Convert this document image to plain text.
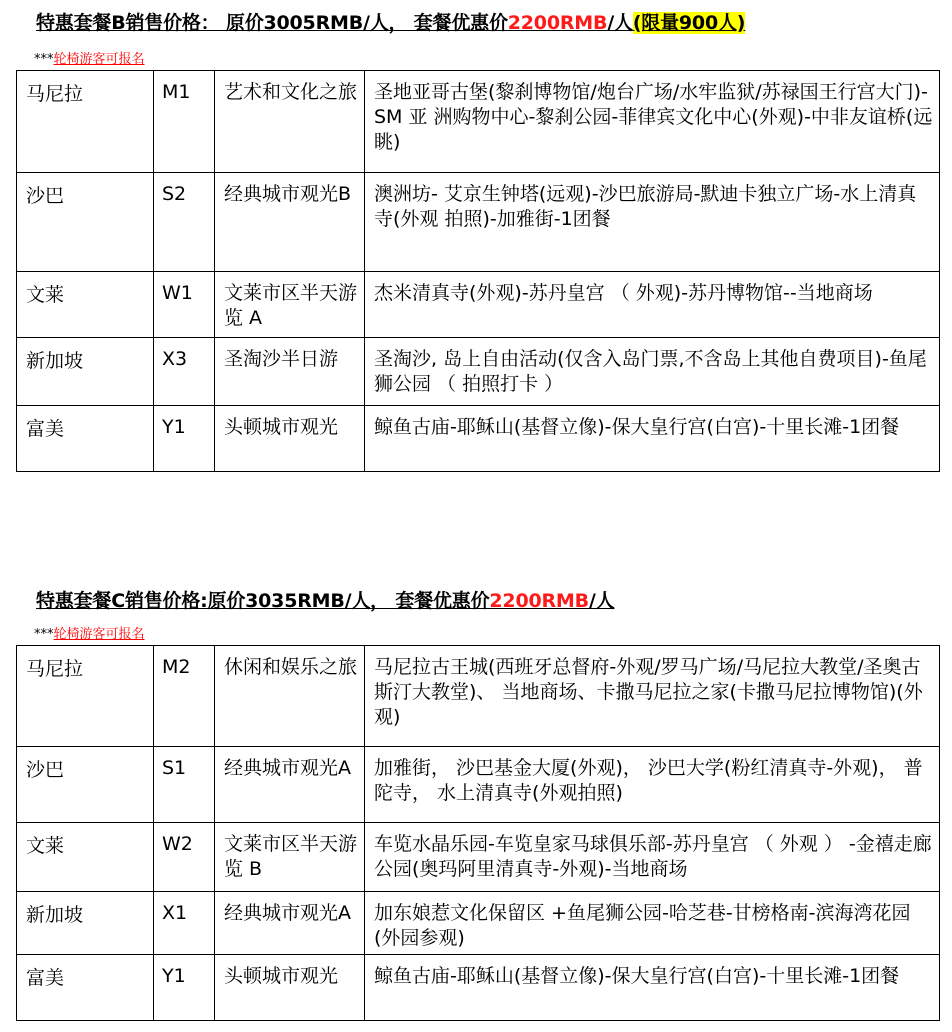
特惠套餐B销售价格： 原价3005RMB/人， 套餐优惠价2200RMB/人(限量900人)
***轮椅游客可报名
马尼拉	M1	艺术和文化之旅	圣地亚哥古堡(黎刹博物馆/炮台广场/水牢监狱/苏禄国王行宫大门)-SM 亚 洲购物中心-黎刹公园-菲律宾文化中心(外观)-中非友谊桥(远眺)
沙巴	S2	经典城市观光B	澳洲坊- 艾京生钟塔(远观)-沙巴旅游局-默迪卡独立广场-水上清真寺(外观 拍照)-加雅街-1团餐
文莱	W1	文莱市区半天游览 A	杰米清真寺(外观)-苏丹皇宫 （ 外观)-苏丹博物馆--当地商场
新加坡	X3	圣淘沙半日游	圣淘沙, 岛上自由活动(仅含入岛门票,不含岛上其他自费项目)-鱼尾狮公园 （ 拍照打卡 ）
富美	Y1	头顿城市观光	鲸鱼古庙-耶稣山(基督立像)-保大皇行宫(白宫)-十里长滩-1团餐
特惠套餐C销售价格:原价3035RMB/人， 套餐优惠价2200RMB/人
***轮椅游客可报名
马尼拉	M2	休闲和娱乐之旅	马尼拉古王城(西班牙总督府-外观/罗马广场/马尼拉大教堂/圣奥古斯汀大教堂)、 当地商场、卡撒马尼拉之家(卡撒马尼拉博物馆)(外观)
沙巴	S1	经典城市观光A	加雅街， 沙巴基金大厦(外观)， 沙巴大学(粉红清真寺-外观)， 普陀寺， 水上清真寺(外观拍照)
文莱	W2	文莱市区半天游览 B	车览水晶乐园-车览皇家马球俱乐部-苏丹皇宫 （ 外观 ） -金禧走廊公园(奥玛阿里清真寺-外观)-当地商场
新加坡	X1	经典城市观光A	加东娘惹文化保留区 +鱼尾狮公园-哈芝巷-甘榜格南-滨海湾花园(外园参观)
富美	Y1	头顿城市观光	鲸鱼古庙-耶稣山(基督立像)-保大皇行宫(白宫)-十里长滩-1团餐
